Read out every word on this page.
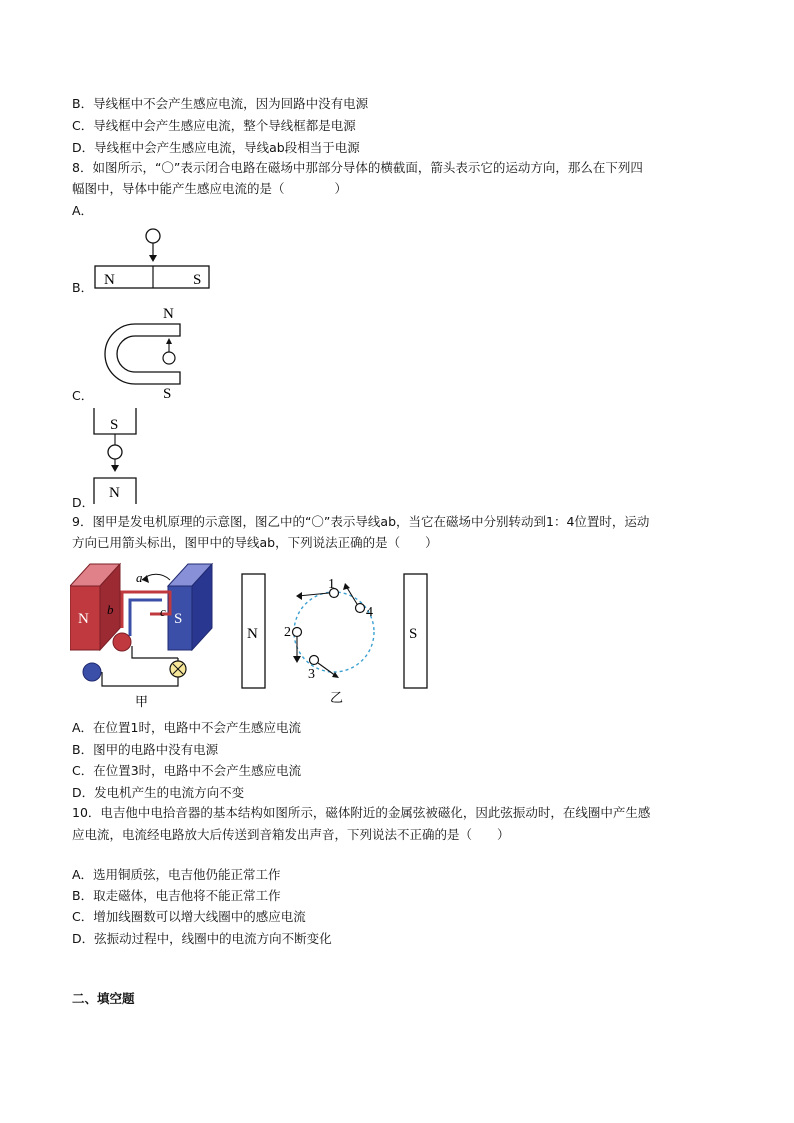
B．导线框中不会产生感应电流，因为回路中没有电源
C．导线框中会产生感应电流，整个导线框都是电源
D．导线框中会产生感应电流，导线ab段相当于电源
8．如图所示，“〇”表示闭合电路在磁场中那部分导体的横截面，箭头表示它的运动方向，那么在下列四
幅图中，导体中能产生感应电流的是（　　　　）
A．
N	S
B．
N
S
C．
S
N
D．
9．图甲是发电机原理的示意图，图乙中的“〇”表示导线ab，当它在磁场中分别转动到1：4位置时，运动
方向已用箭头标出，图甲中的导线ab，下列说法正确的是（　　）
N	S
a
b	c
甲
N	S
1
4
2
3
乙
A．在位置1时，电路中不会产生感应电流
B．图甲的电路中没有电源
C．在位置3时，电路中不会产生感应电流
D．发电机产生的电流方向不变
10．电吉他中电拾音器的基本结构如图所示，磁体附近的金属弦被磁化，因此弦振动时，在线圈中产生感
应电流，电流经电路放大后传送到音箱发出声音，下列说法不正确的是（　　）
A．选用铜质弦，电吉他仍能正常工作
B．取走磁体，电吉他将不能正常工作
C．增加线圈数可以增大线圈中的感应电流
D．弦振动过程中，线圈中的电流方向不断变化
二、填空题
